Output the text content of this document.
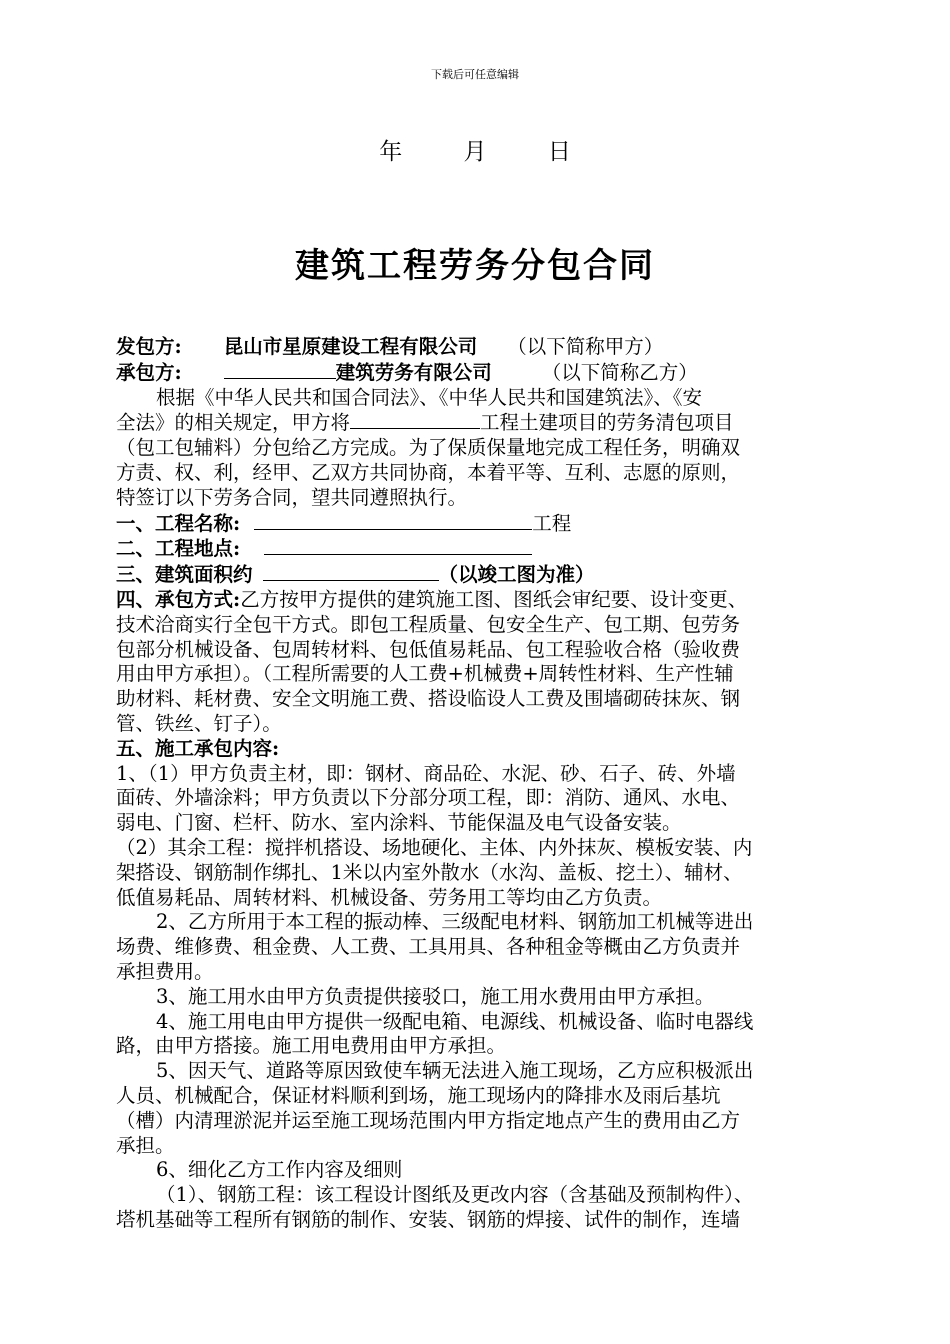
下载后可任意编辑
年	月	日
建筑工程劳务分包合同

发包方: 昆山市星原建设工程有限公司 （以下简称甲方）

承包方:	建筑劳务有限公司	（以下简称乙方）

根据《中华人民共和国合同法》、《中华人民共和国建筑法》、《安

全法》的相关规定，甲方将	工程土建项目的劳务清包项目

（包工包辅料）分包给乙方完成。为了保质保量地完成工程任务，明确双

方责、权、利，经甲、乙双方共同协商，本着平等、互利、志愿的原则，

特签订以下劳务合同，望共同遵照执行。

一、工程名称:	工程

二、工程地点:

三、建筑面积约	（以竣工图为准）

四、承包方式:乙方按甲方提供的建筑施工图、图纸会审纪要、设计变更、

技术洽商实行全包干方式。即包工程质量、包安全生产、包工期、包劳务

包部分机械设备、包周转材料、包低值易耗品、包工程验收合格（验收费

用由甲方承担）。（工程所需要的人工费+机械费+周转性材料、生产性辅

助材料、耗材费、安全文明施工费、搭设临设人工费及围墙砌砖抹灰、钢

管、铁丝、钉子）。

五、施工承包内容:

1、（1）甲方负责主材，即：钢材、商品砼、水泥、砂、石子、砖、外墙

面砖、外墙涂料；甲方负责以下分部分项工程，即：消防、通风、水电、

弱电、门窗、栏杆、防水、室内涂料、节能保温及电气设备安装。

（2）其余工程：搅拌机搭设、场地硬化、主体、内外抹灰、模板安装、内

架搭设、钢筋制作绑扎、1米以内室外散水（水沟、盖板、挖土）、辅材、

低值易耗品、周转材料、机械设备、劳务用工等均由乙方负责。

2、乙方所用于本工程的振动棒、三级配电材料、钢筋加工机械等进出

场费、维修费、租金费、人工费、工具用具、各种租金等概由乙方负责并

承担费用。

3、施工用水由甲方负责提供接驳口，施工用水费用由甲方承担。

4、施工用电由甲方提供一级配电箱、电源线、机械设备、临时电器线

路，由甲方搭接。施工用电费用由甲方承担。

5、因天气、道路等原因致使车辆无法进入施工现场，乙方应积极派出

人员、机械配合，保证材料顺利到场，施工现场内的降排水及雨后基坑

（槽）内清理淤泥并运至施工现场范围内甲方指定地点产生的费用由乙方

承担。

6、细化乙方工作内容及细则

（1）、钢筋工程：该工程设计图纸及更改内容（含基础及预制构件）、

塔机基础等工程所有钢筋的制作、安装、钢筋的焊接、试件的制作，连墙
